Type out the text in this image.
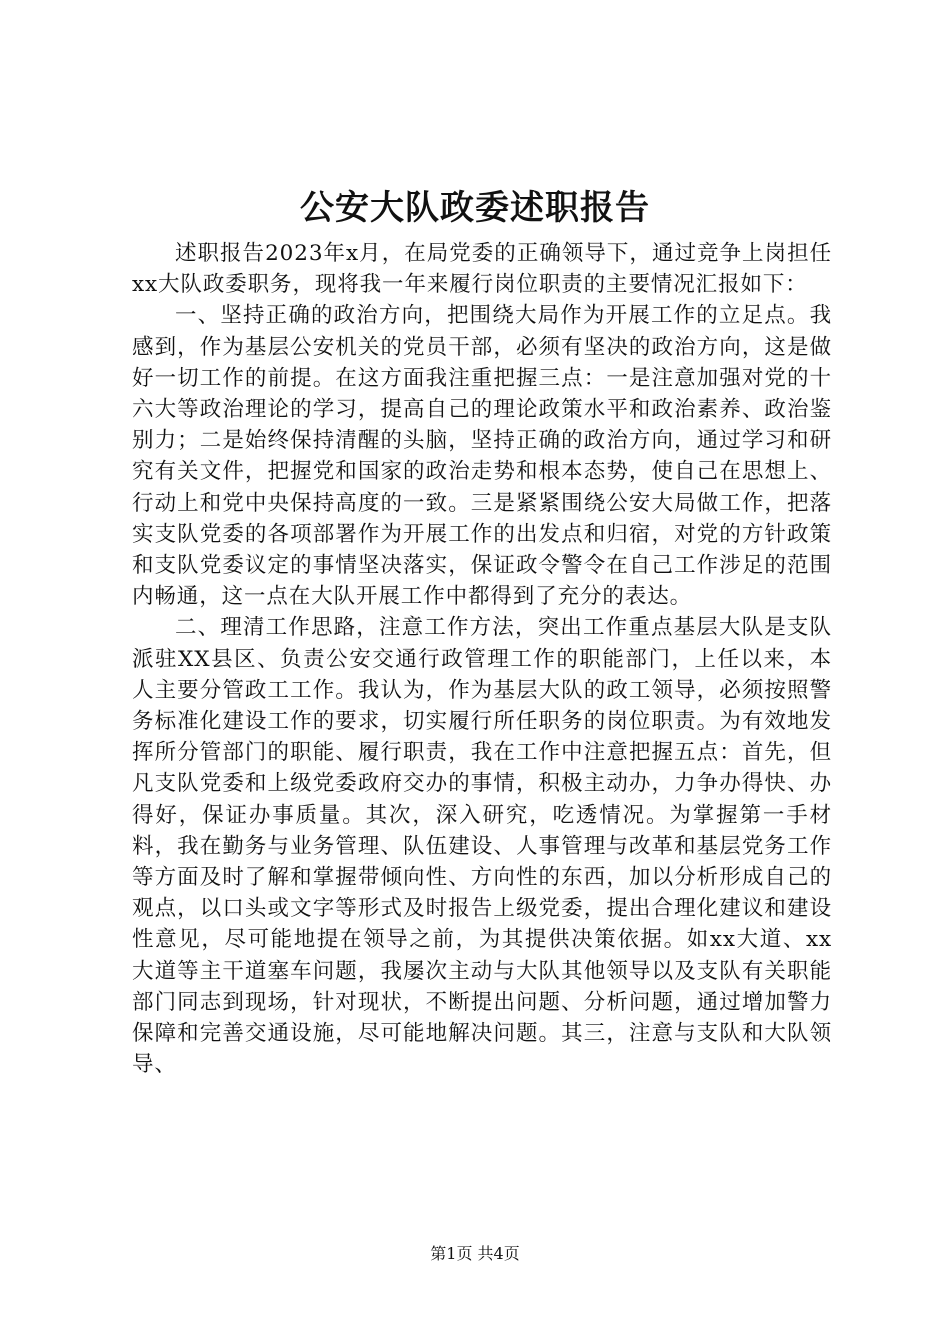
公安大队政委述职报告

述职报告2023年x月，在局党委的正确领导下，通过竞争上岗担任xx大队政委职务，现将我一年来履行岗位职责的主要情况汇报如下：

一、坚持正确的政治方向，把围绕大局作为开展工作的立足点。我感到，作为基层公安机关的党员干部，必须有坚决的政治方向，这是做好一切工作的前提。在这方面我注重把握三点：一是注意加强对党的十六大等政治理论的学习，提高自己的理论政策水平和政治素养、政治鉴别力；二是始终保持清醒的头脑，坚持正确的政治方向，通过学习和研究有关文件，把握党和国家的政治走势和根本态势，使自己在思想上、行动上和党中央保持高度的一致。三是紧紧围绕公安大局做工作，把落实支队党委的各项部署作为开展工作的出发点和归宿，对党的方针政策和支队党委议定的事情坚决落实，保证政令警令在自己工作涉足的范围内畅通，这一点在大队开展工作中都得到了充分的表达。

二、理清工作思路，注意工作方法，突出工作重点基层大队是支队派驻XX县区、负责公安交通行政管理工作的职能部门，上任以来，本人主要分管政工工作。我认为，作为基层大队的政工领导，必须按照警务标准化建设工作的要求，切实履行所任职务的岗位职责。为有效地发挥所分管部门的职能、履行职责，我在工作中注意把握五点：首先，但凡支队党委和上级党委政府交办的事情，积极主动办，力争办得快、办得好，保证办事质量。其次，深入研究，吃透情况。为掌握第一手材料，我在勤务与业务管理、队伍建设、人事管理与改革和基层党务工作等方面及时了解和掌握带倾向性、方向性的东西，加以分析形成自己的观点，以口头或文字等形式及时报告上级党委，提出合理化建议和建设性意见，尽可能地提在领导之前，为其提供决策依据。如xx大道、xx大道等主干道塞车问题，我屡次主动与大队其他领导以及支队有关职能部门同志到现场，针对现状，不断提出问题、分析问题，通过增加警力保障和完善交通设施，尽可能地解决问题。其三，注意与支队和大队领导、

第1页 共4页
